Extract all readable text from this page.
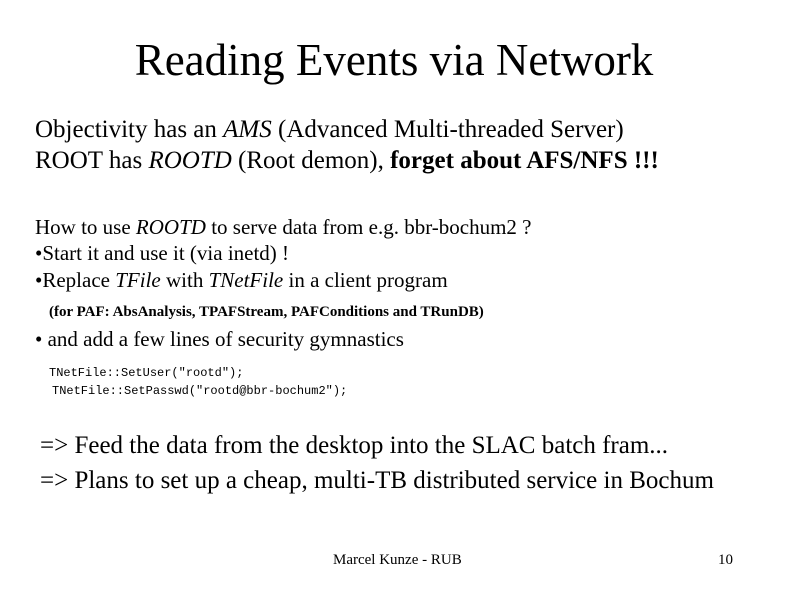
Reading Events via Network
Objectivity has an AMS (Advanced Multi-threaded Server)
ROOT has ROOTD (Root demon), forget about AFS/NFS !!!
How to use ROOTD to serve data from e.g. bbr-bochum2 ?
•Start it and use it (via inetd) !
•Replace TFile with TNetFile in a client program
(for PAF: AbsAnalysis, TPAFStream, PAFConditions and TRunDB)
• and add a few lines of security gymnastics
TNetFile::SetUser("rootd");
TNetFile::SetPasswd("rootd@bbr-bochum2");
=> Feed the data from the desktop into the SLAC batch fram...
=> Plans to set up a cheap, multi-TB distributed service in Bochum
Marcel Kunze - RUB	10
